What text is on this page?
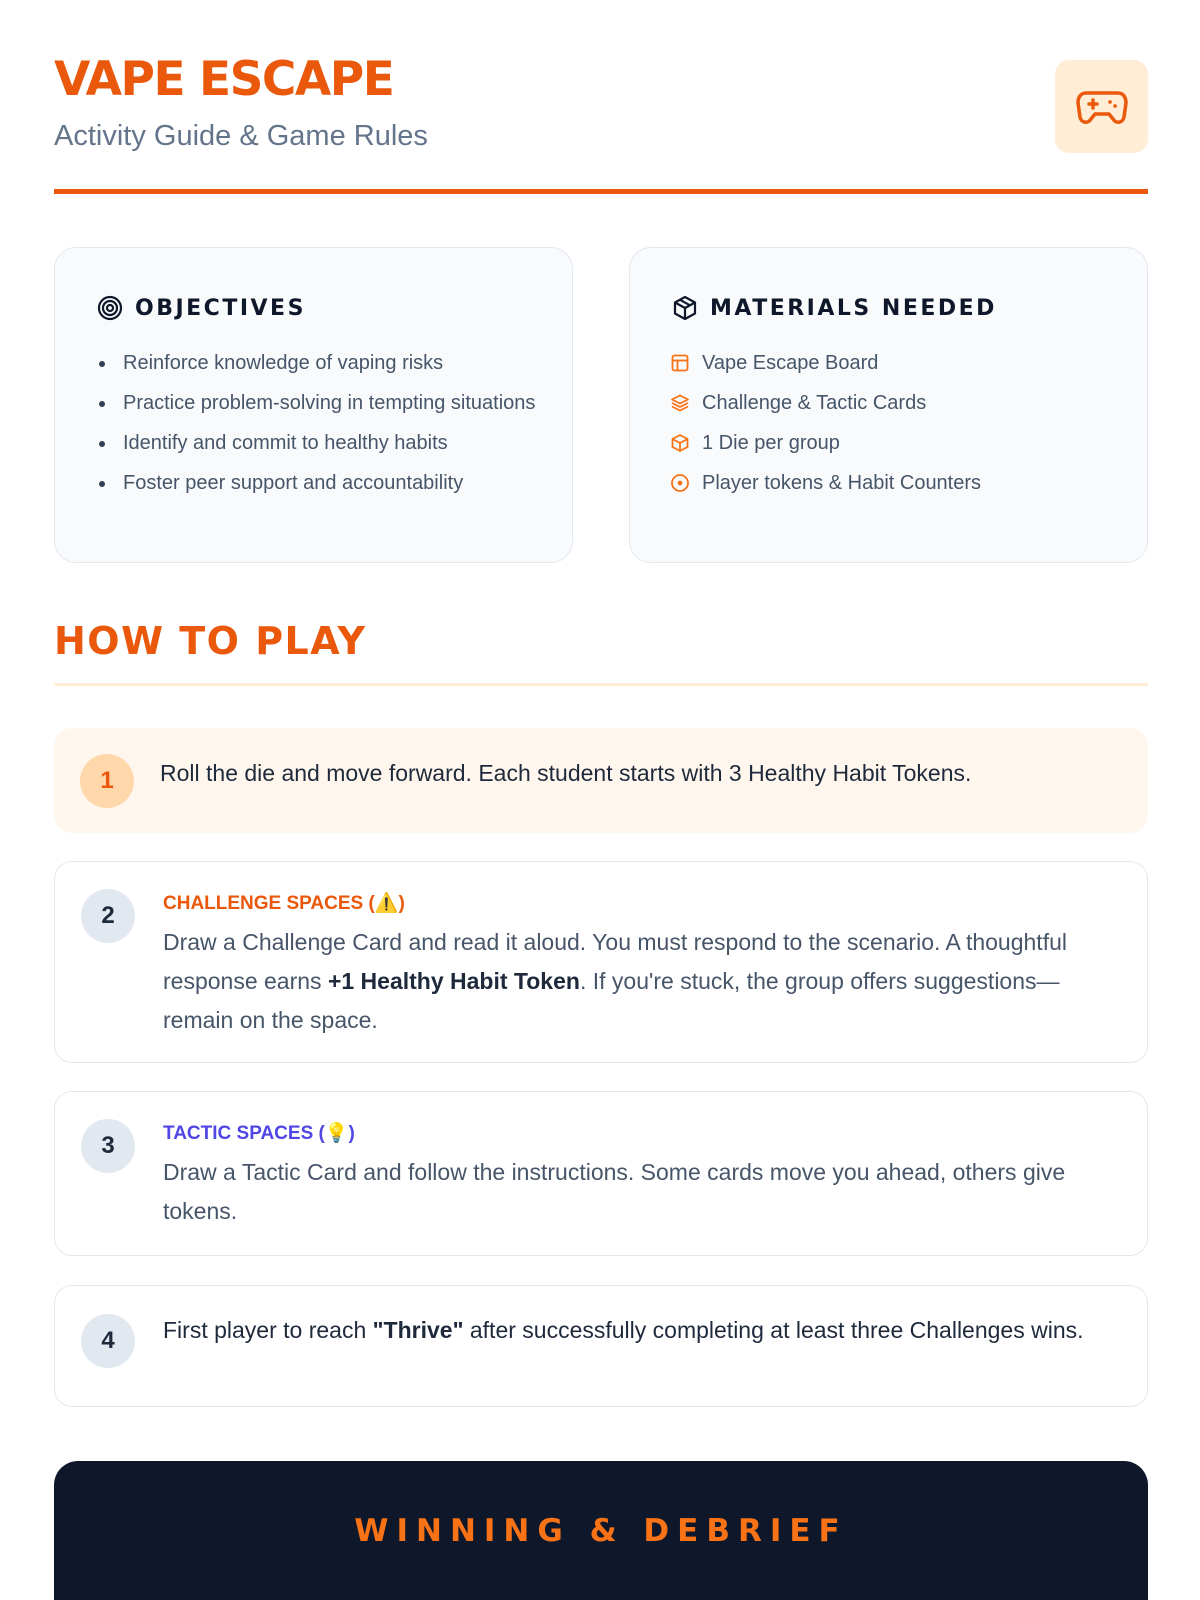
VAPE ESCAPE
Activity Guide & Game Rules
OBJECTIVES
Reinforce knowledge of vaping risks
Practice problem-solving in tempting situations
Identify and commit to healthy habits
Foster peer support and accountability
MATERIALS NEEDED
Vape Escape Board
Challenge & Tactic Cards
1 Die per group
Player tokens & Habit Counters
HOW TO PLAY
1	Roll the die and move forward. Each student starts with 3 Healthy Habit Tokens.
2	CHALLENGE SPACES (⚠️)
Draw a Challenge Card and read it aloud. You must respond to the scenario. A thoughtful response earns +1 Healthy Habit Token. If you're stuck, the group offers suggestions—remain on the space.
3	TACTIC SPACES (💡)
Draw a Tactic Card and follow the instructions. Some cards move you ahead, others give tokens.
4	First player to reach "Thrive" after successfully completing at least three Challenges wins.
WINNING & DEBRIEF
